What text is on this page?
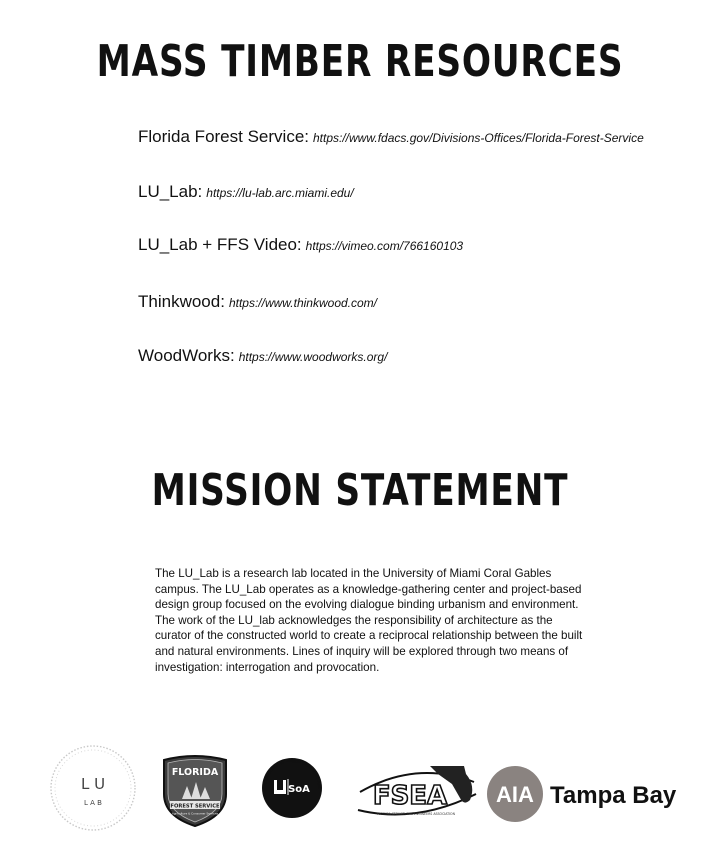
MASS TIMBER RESOURCES
Florida Forest Service: https://www.fdacs.gov/Divisions-Offices/Florida-Forest-Service
LU_Lab: https://lu-lab.arc.miami.edu/
LU_Lab + FFS Video: https://vimeo.com/766160103
Thinkwood: https://www.thinkwood.com/
WoodWorks: https://www.woodworks.org/
MISSION STATEMENT
The LU_Lab is a research lab located in the University of Miami Coral Gables
campus. The LU_Lab operates as a knowledge-gathering center and project-based
design group focused on the evolving dialogue binding urbanism and environment.
The work of the LU_lab acknowledges the responsibility of architecture as the
curator of the constructed world to create a reciprocal relationship between the built
and natural environments. Lines of inquiry will be explored through two means of
investigation: interrogation and provocation.
L U
L A B
FLORIDA
FOREST SERVICE
Agriculture & Consumer Services
University of Miami School of Arc
SoA FSEA
FLORIDA STRUCTURAL ENGINEERS ASSOCIATION
AIA Tampa Bay
